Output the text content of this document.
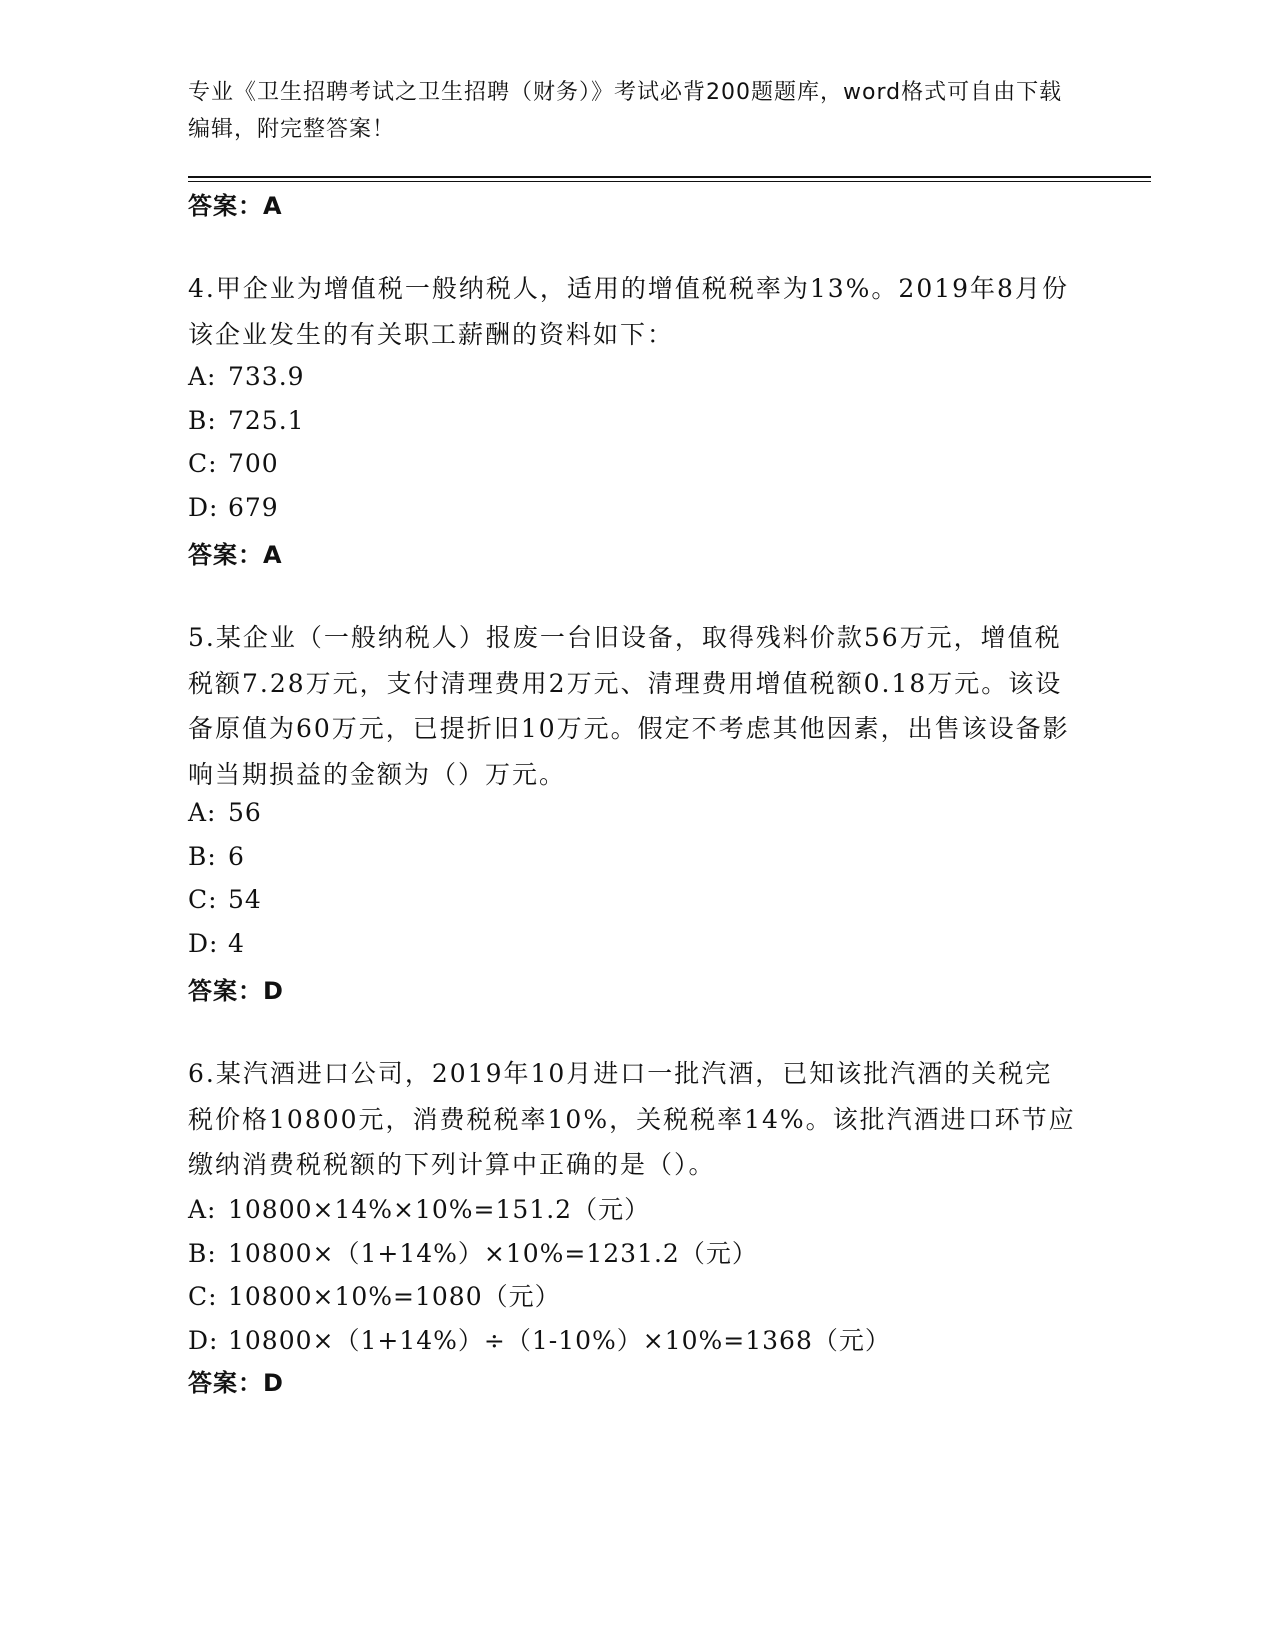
专业《卫生招聘考试之卫生招聘（财务）》考试必背200题题库，word格式可自由下载编辑，附完整答案！
答案：A
4.甲企业为增值税一般纳税人，适用的增值税税率为13%。2019年8月份该企业发生的有关职工薪酬的资料如下：
A: 733.9
B: 725.1
C: 700
D: 679
答案：A
5.某企业（一般纳税人）报废一台旧设备，取得残料价款56万元，增值税税额7.28万元，支付清理费用2万元、清理费用增值税额0.18万元。该设备原值为60万元，已提折旧10万元。假定不考虑其他因素，出售该设备影响当期损益的金额为（）万元。
A: 56
B: 6
C: 54
D: 4
答案：D
6.某汽酒进口公司，2019年10月进口一批汽酒，已知该批汽酒的关税完税价格10800元，消费税税率10%，关税税率14%。该批汽酒进口环节应缴纳消费税税额的下列计算中正确的是（）。
A: 10800×14%×10%=151.2（元）
B: 10800×（1+14%）×10%=1231.2（元）
C: 10800×10%=1080（元）
D: 10800×（1+14%）÷（1-10%）×10%=1368（元）
答案：D
